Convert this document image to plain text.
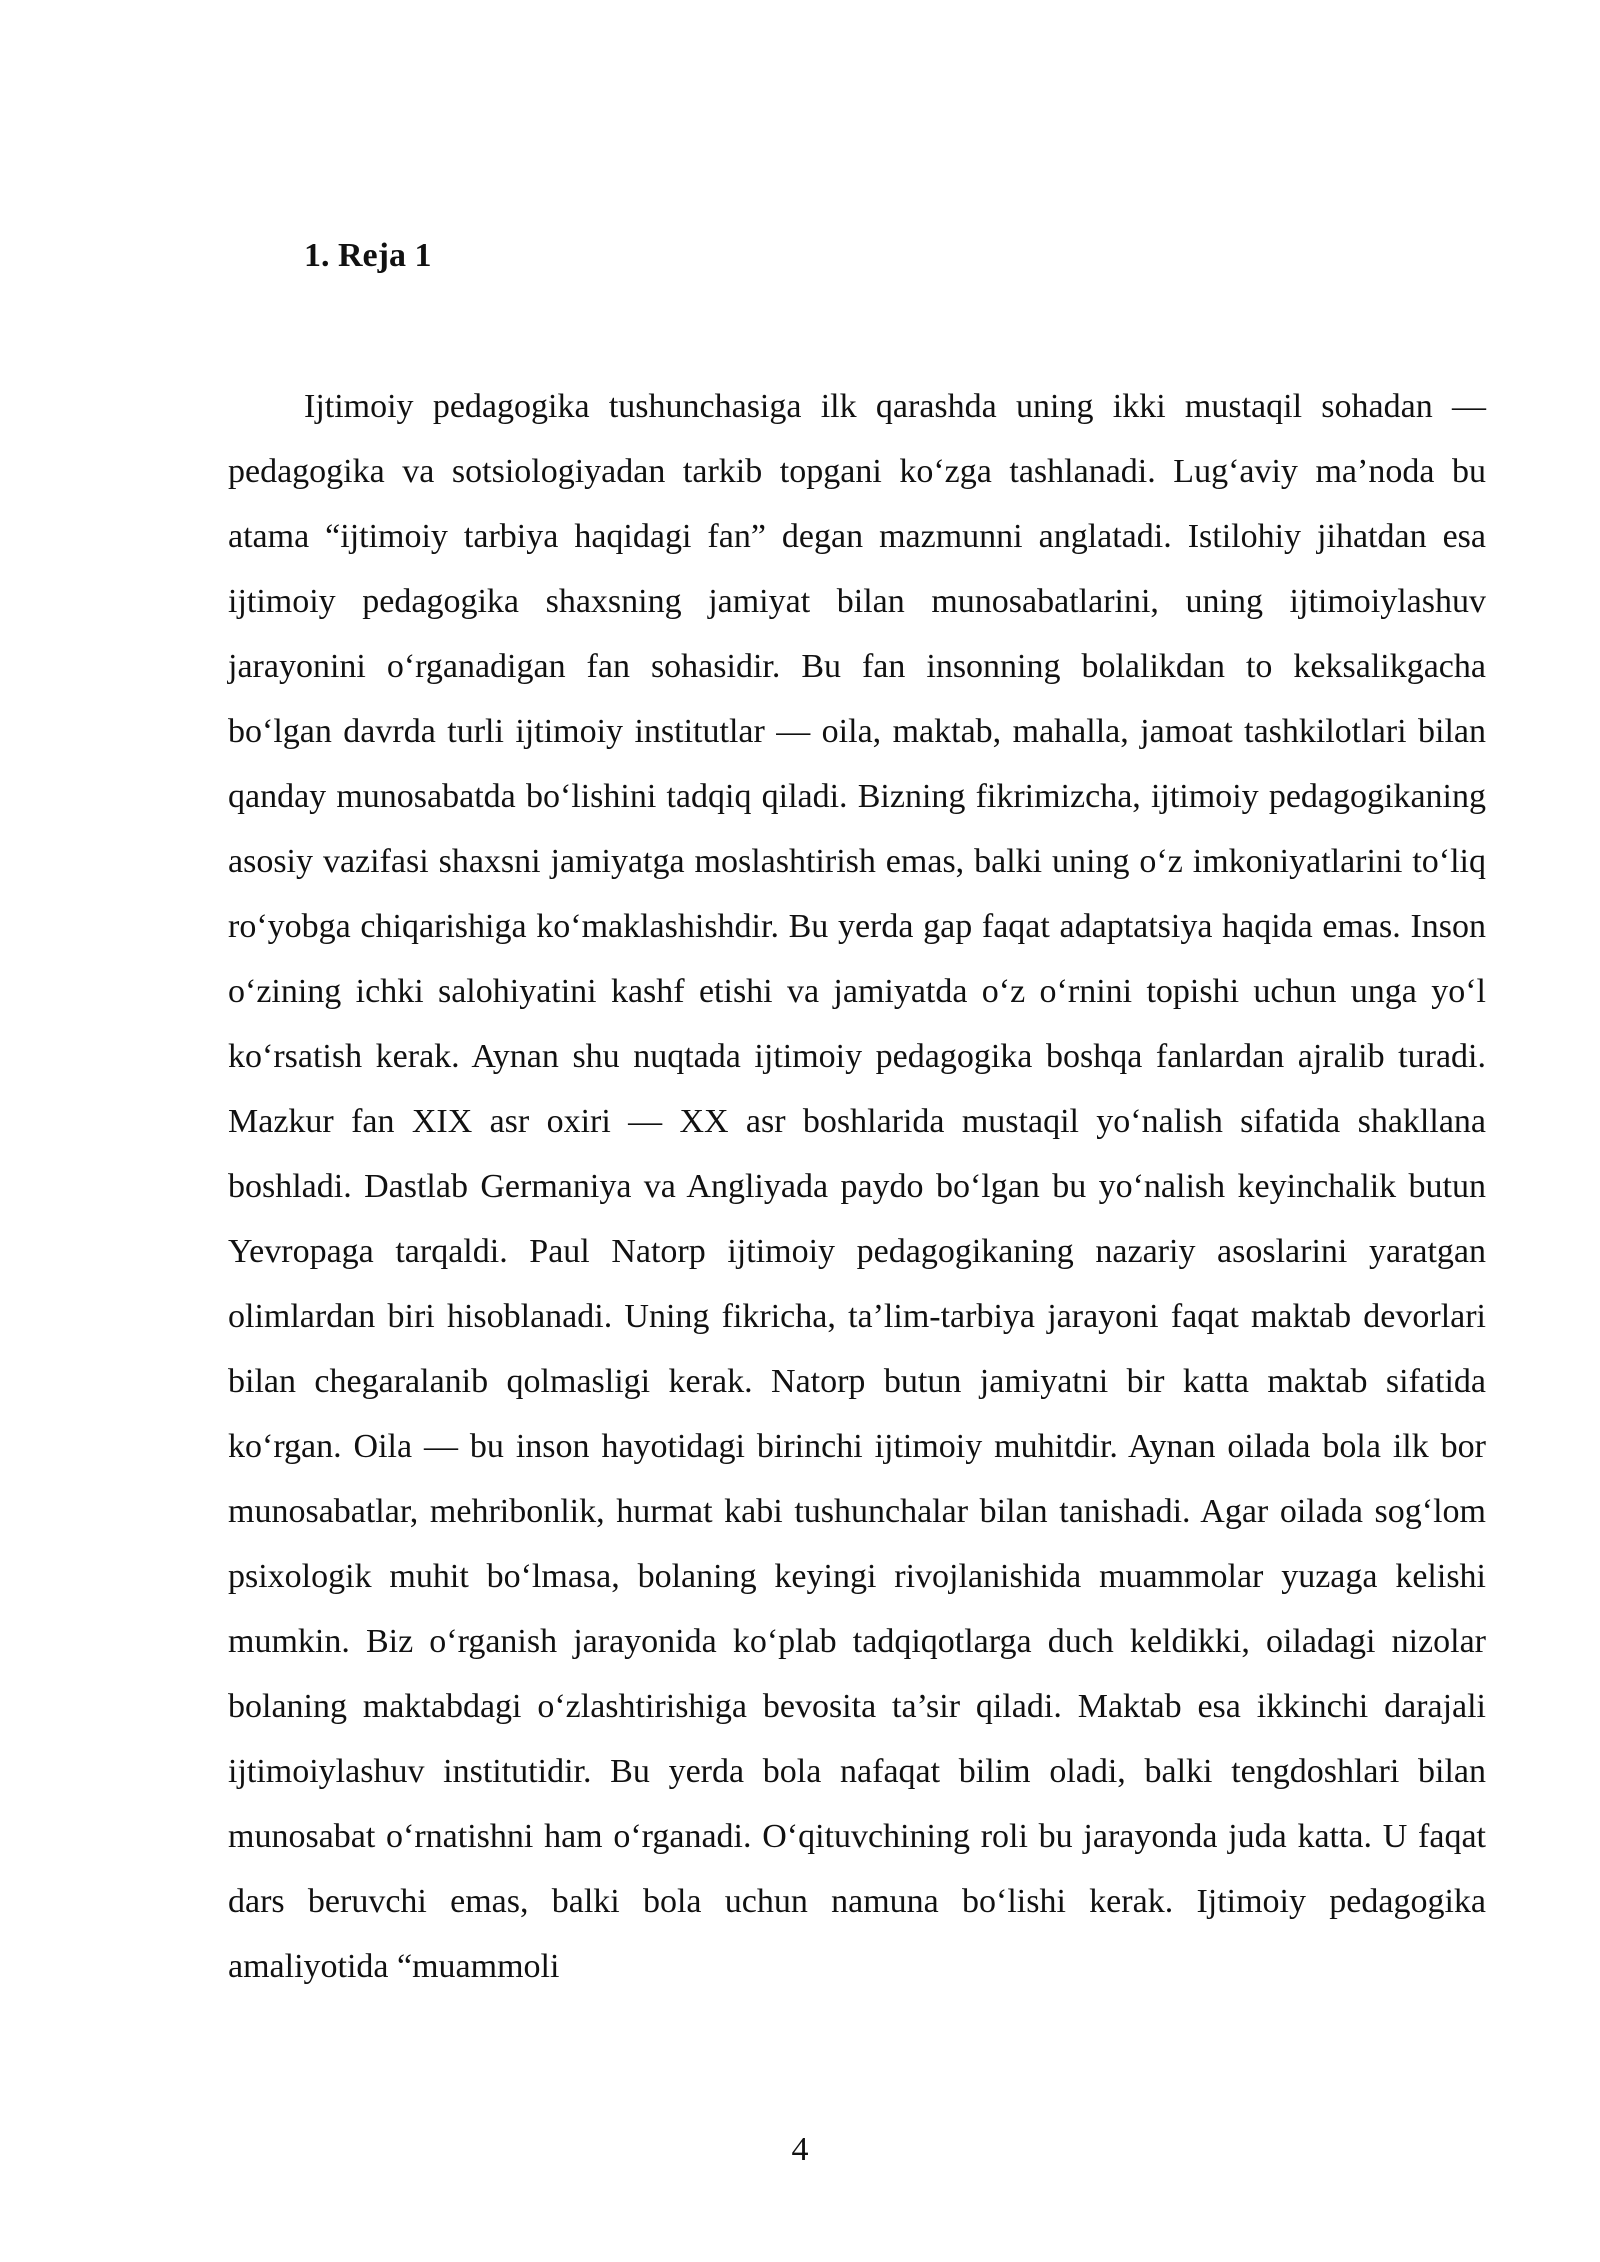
1. Reja 1

Ijtimoiy pedagogika tushunchasiga ilk qarashda uning ikki mustaqil sohadan — pedagogika va sotsiologiyadan tarkib topgani ko‘zga tashlanadi. Lug‘aviy ma’noda bu atama “ijtimoiy tarbiya haqidagi fan” degan mazmunni anglatadi. Istilohiy jihatdan esa ijtimoiy pedagogika shaxsning jamiyat bilan munosabatlarini, uning ijtimoiylashuv jarayonini o‘rganadigan fan sohasidir. Bu fan insonning bolalikdan to keksalikgacha bo‘lgan davrda turli ijtimoiy institutlar — oila, maktab, mahalla, jamoat tashkilotlari bilan qanday munosabatda bo‘lishini tadqiq qiladi. Bizning fikrimizcha, ijtimoiy pedagogikaning asosiy vazifasi shaxsni jamiyatga moslashtirish emas, balki uning o‘z imkoniyatlarini to‘liq ro‘yobga chiqarishiga ko‘maklashishdir. Bu yerda gap faqat adaptatsiya haqida emas. Inson o‘zining ichki salohiyatini kashf etishi va jamiyatda o‘z o‘rnini topishi uchun unga yo‘l ko‘rsatish kerak. Aynan shu nuqtada ijtimoiy pedagogika boshqa fanlardan ajralib turadi. Mazkur fan XIX asr oxiri — XX asr boshlarida mustaqil yo‘nalish sifatida shakllana boshladi. Dastlab Germaniya va Angliyada paydo bo‘lgan bu yo‘nalish keyinchalik butun Yevropaga tarqaldi. Paul Natorp ijtimoiy pedagogikaning nazariy asoslarini yaratgan olimlardan biri hisoblanadi. Uning fikricha, ta’lim-tarbiya jarayoni faqat maktab devorlari bilan chegaralanib qolmasligi kerak. Natorp butun jamiyatni bir katta maktab sifatida ko‘rgan. Oila — bu inson hayotidagi birinchi ijtimoiy muhitdir. Aynan oilada bola ilk bor munosabatlar, mehribonlik, hurmat kabi tushunchalar bilan tanishadi. Agar oilada sog‘lom psixologik muhit bo‘lmasa, bolaning keyingi rivojlanishida muammolar yuzaga kelishi mumkin. Biz o‘rganish jarayonida ko‘plab tadqiqotlarga duch keldikki, oiladagi nizolar bolaning maktabdagi o‘zlashtirishiga bevosita ta’sir qiladi. Maktab esa ikkinchi darajali ijtimoiylashuv institutidir. Bu yerda bola nafaqat bilim oladi, balki tengdoshlari bilan munosabat o‘rnatishni ham o‘rganadi. O‘qituvchining roli bu jarayonda juda katta. U faqat dars beruvchi emas, balki bola uchun namuna bo‘lishi kerak. Ijtimoiy pedagogika amaliyotida “muammoli

4
